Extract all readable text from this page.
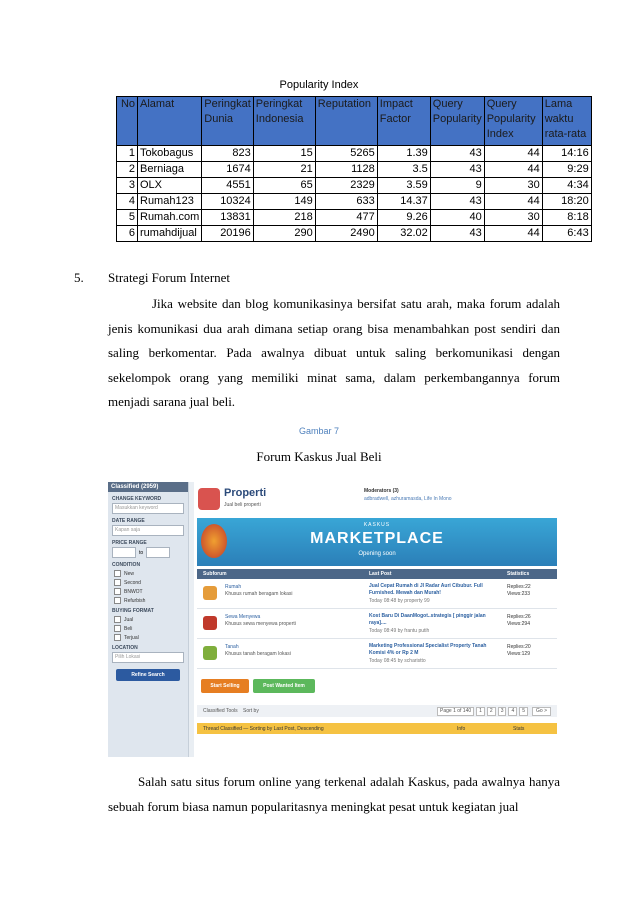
Popularity Index
No	Alamat	Peringkat Dunia	Peringkat Indonesia	Reputation	Impact Factor	Query Popularity	Query Popularity Index	Lama waktu rata-rata
1	Tokobagus	823	15	5265	1.39	43	44	14:16
2	Berniaga	1674	21	1128	3.5	43	44	9:29
3	OLX	4551	65	2329	3.59	9	30	4:34
4	Rumah123	10324	149	633	14.37	43	44	18:20
5	Rumah.com	13831	218	477	9.26	40	30	8:18
6	rumahdijual	20196	290	2490	32.02	43	44	6:43
5. Strategi Forum Internet
Jika website dan blog komunikasinya bersifat satu arah, maka forum adalah jenis komunikasi dua arah dimana setiap orang bisa menambahkan post sendiri dan saling berkomentar. Pada awalnya dibuat untuk saling berkomunikasi dengan sekelompok orang yang memiliki minat sama, dalam perkembangannya forum menjadi sarana jual beli.
Gambar 7
Forum Kaskus Jual Beli
Classified (2959)
CHANGE KEYWORD
Masukkan keyword
DATE RANGE
Kapan saja
PRICE RANGE
to
CONDITION
New
Second
BNWOT
Refurbish
BUYING FORMAT
Jual
Beli
Terjual
LOCATION
Pilih Lokasi
Refine Search
Properti
Jual beli properti
Moderators (3)
adbradwell, azhuramasda, Life In Mono
KASKUS
MARKETPLACE
Opening soon
Subforum	Last Post	Statistics
Rumah
Khusus rumah beragam lokasi
Jual Cepat Rumah di Jl Radar Auri Cibubur. Full Furnished. Mewah dan Murah!
Today 08:48 by property 99
Replies:22
Views:233
Sewa Menyewa
Khusus sewa menyewa properti
Kost Baru Di DaanMogot..strategis [ pinggir jalan raya]....
Today 08:49 by frantu putih
Replies:26
Views:294
Tanah
Khusus tanah beragam lokasi
Marketing Professional Specialist Property Tanah Komisi 4% or Rp 2 M
Today 08:45 by scharistto
Replies:20
Views:129
Start Selling	Post Wanted Item
Classified Tools Sort by	Page 1 of 140	1	2	3	4	5	Go >
Thread Classified — Sorting by Last Post, Descending	Info	Stats
Salah satu situs forum online yang terkenal adalah Kaskus, pada awalnya hanya sebuah forum biasa namun popularitasnya meningkat pesat untuk kegiatan jual
